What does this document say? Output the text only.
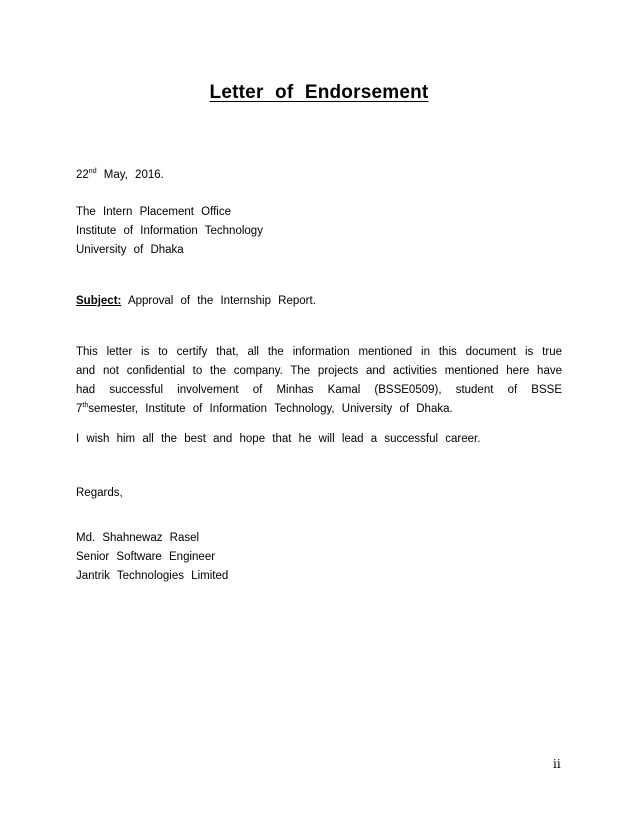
Letter of Endorsement
22nd May, 2016.
The Intern Placement Office
Institute of Information Technology
University of Dhaka
Subject: Approval of the Internship Report.
This letter is to certify that, all the information mentioned in this document is true and not confidential to the company. The projects and activities mentioned here have had successful involvement of Minhas Kamal (BSSE0509), student of BSSE 7thsemester, Institute of Information Technology, University of Dhaka.
I wish him all the best and hope that he will lead a successful career.
Regards,
Md. Shahnewaz Rasel
Senior Software Engineer
Jantrik Technologies Limited
ii
